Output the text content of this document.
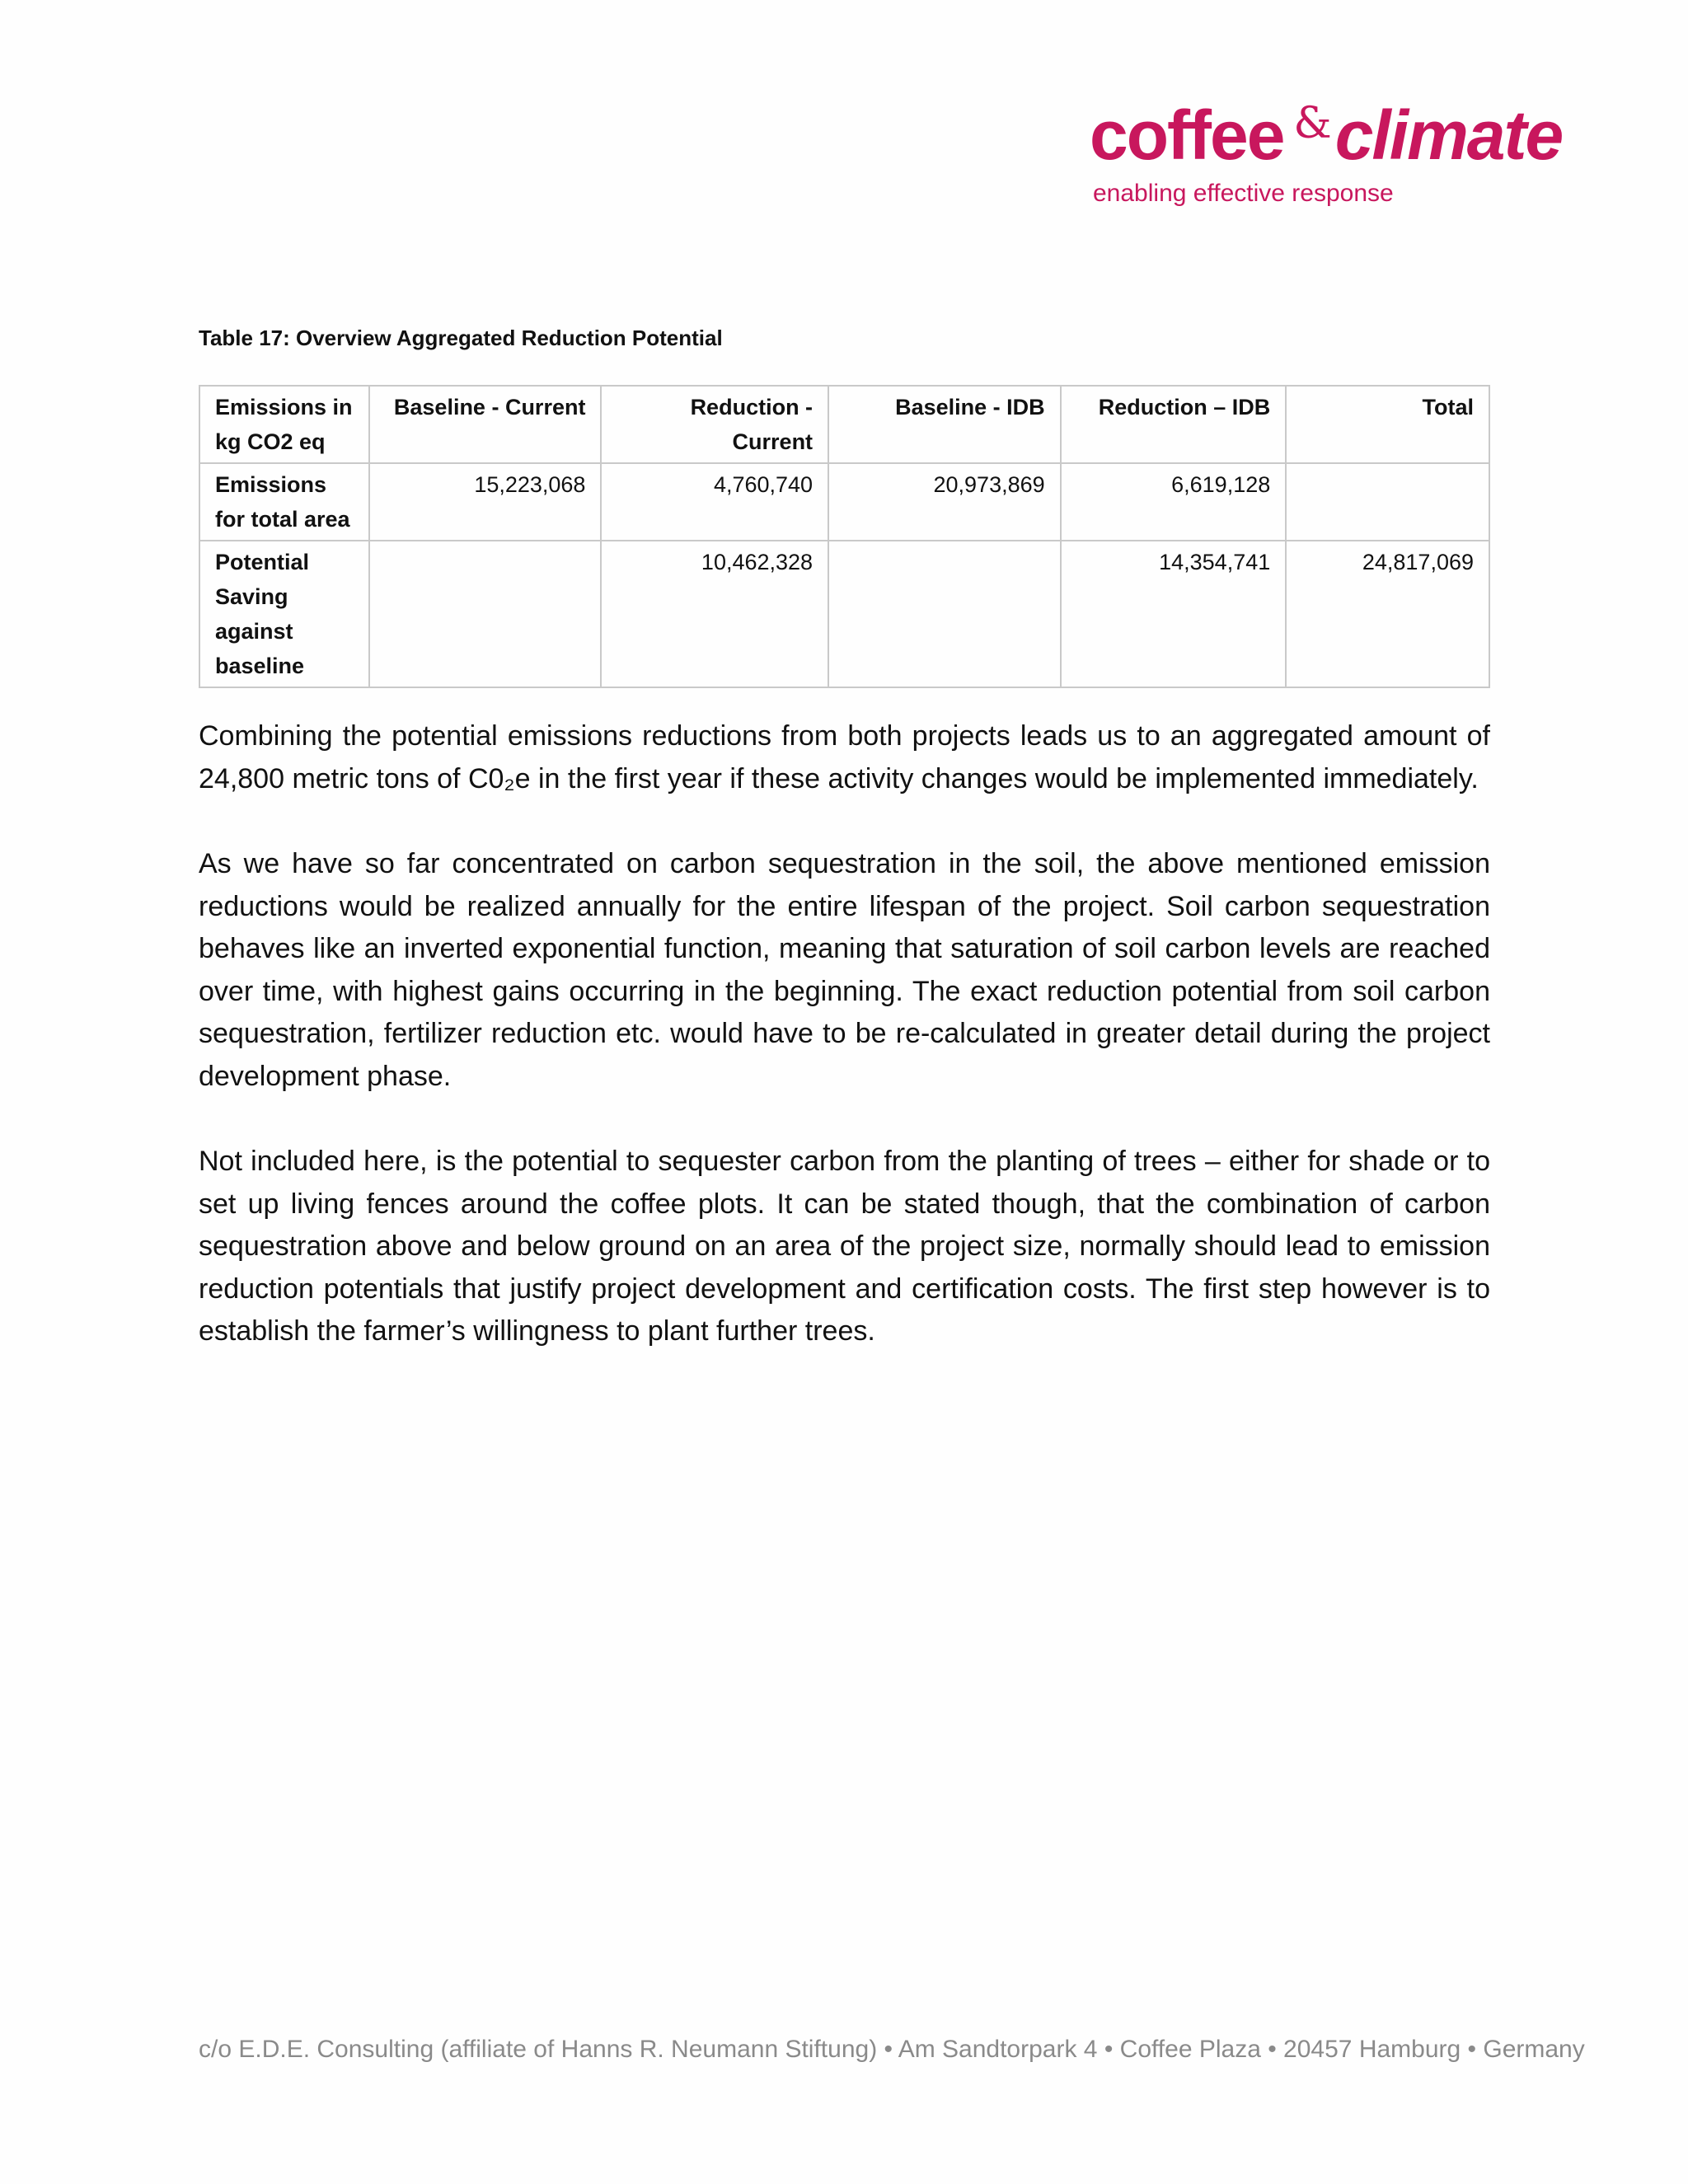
coffee &climate
enabling effective response
Table 17: Overview Aggregated Reduction Potential
Emissions in kg CO2 eq	Baseline - Current	Reduction - Current	Baseline - IDB	Reduction – IDB	Total
Emissions for total area	15,223,068	4,760,740	20,973,869	6,619,128	
Potential Saving against baseline		10,462,328		14,354,741	24,817,069

Combining the potential emissions reductions from both projects leads us to an aggregated amount of 24,800 metric tons of C0₂e in the first year if these activity changes would be implemented immediately.

As we have so far concentrated on carbon sequestration in the soil, the above mentioned emission reductions would be realized annually for the entire lifespan of the project. Soil carbon sequestration behaves like an inverted exponential function, meaning that saturation of soil carbon levels are reached over time, with highest gains occurring in the beginning. The exact reduction potential from soil carbon sequestration, fertilizer reduction etc. would have to be re-calculated in greater detail during the project development phase.

Not included here, is the potential to sequester carbon from the planting of trees – either for shade or to set up living fences around the coffee plots. It can be stated though, that the combination of carbon sequestration above and below ground on an area of the project size, normally should lead to emission reduction potentials that justify project development and certification costs. The first step however is to establish the farmer’s willingness to plant further trees.

c/o E.D.E. Consulting (affiliate of Hanns R. Neumann Stiftung) • Am Sandtorpark 4 • Coffee Plaza • 20457 Hamburg • Germany
